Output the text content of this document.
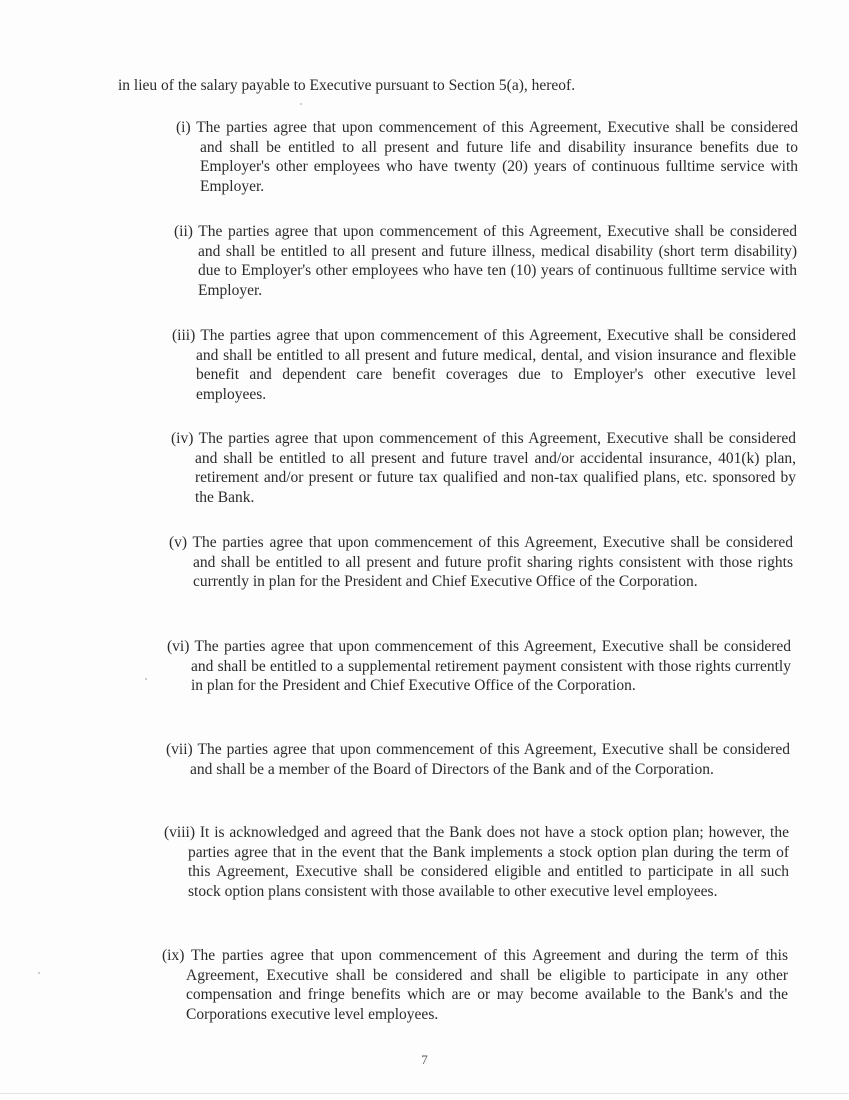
in lieu of the salary payable to Executive pursuant to Section 5(a), hereof.

(i) The parties agree that upon commencement of this Agreement, Executive shall be considered and shall be entitled to all present and future life and disability insurance benefits due to Employer's other employees who have twenty (20) years of continuous fulltime service with Employer.

(ii) The parties agree that upon commencement of this Agreement, Executive shall be considered and shall be entitled to all present and future illness, medical disability (short term disability) due to Employer's other employees who have ten (10) years of continuous fulltime service with Employer.

(iii) The parties agree that upon commencement of this Agreement, Executive shall be considered and shall be entitled to all present and future medical, dental, and vision insurance and flexible benefit and dependent care benefit coverages due to Employer's other executive level employees.

(iv) The parties agree that upon commencement of this Agreement, Executive shall be considered and shall be entitled to all present and future travel and/or accidental insurance, 401(k) plan, retirement and/or present or future tax qualified and non-tax qualified plans, etc. sponsored by the Bank.

(v) The parties agree that upon commencement of this Agreement, Executive shall be considered and shall be entitled to all present and future profit sharing rights consistent with those rights currently in plan for the President and Chief Executive Office of the Corporation.

(vi) The parties agree that upon commencement of this Agreement, Executive shall be considered and shall be entitled to a supplemental retirement payment consistent with those rights currently in plan for the President and Chief Executive Office of the Corporation.

(vii) The parties agree that upon commencement of this Agreement, Executive shall be considered and shall be a member of the Board of Directors of the Bank and of the Corporation.

(viii) It is acknowledged and agreed that the Bank does not have a stock option plan; however, the parties agree that in the event that the Bank implements a stock option plan during the term of this Agreement, Executive shall be considered eligible and entitled to participate in all such stock option plans consistent with those available to other executive level employees.

(ix) The parties agree that upon commencement of this Agreement and during the term of this Agreement, Executive shall be considered and shall be eligible to participate in any other compensation and fringe benefits which are or may become available to the Bank's and the Corporations executive level employees.

7
